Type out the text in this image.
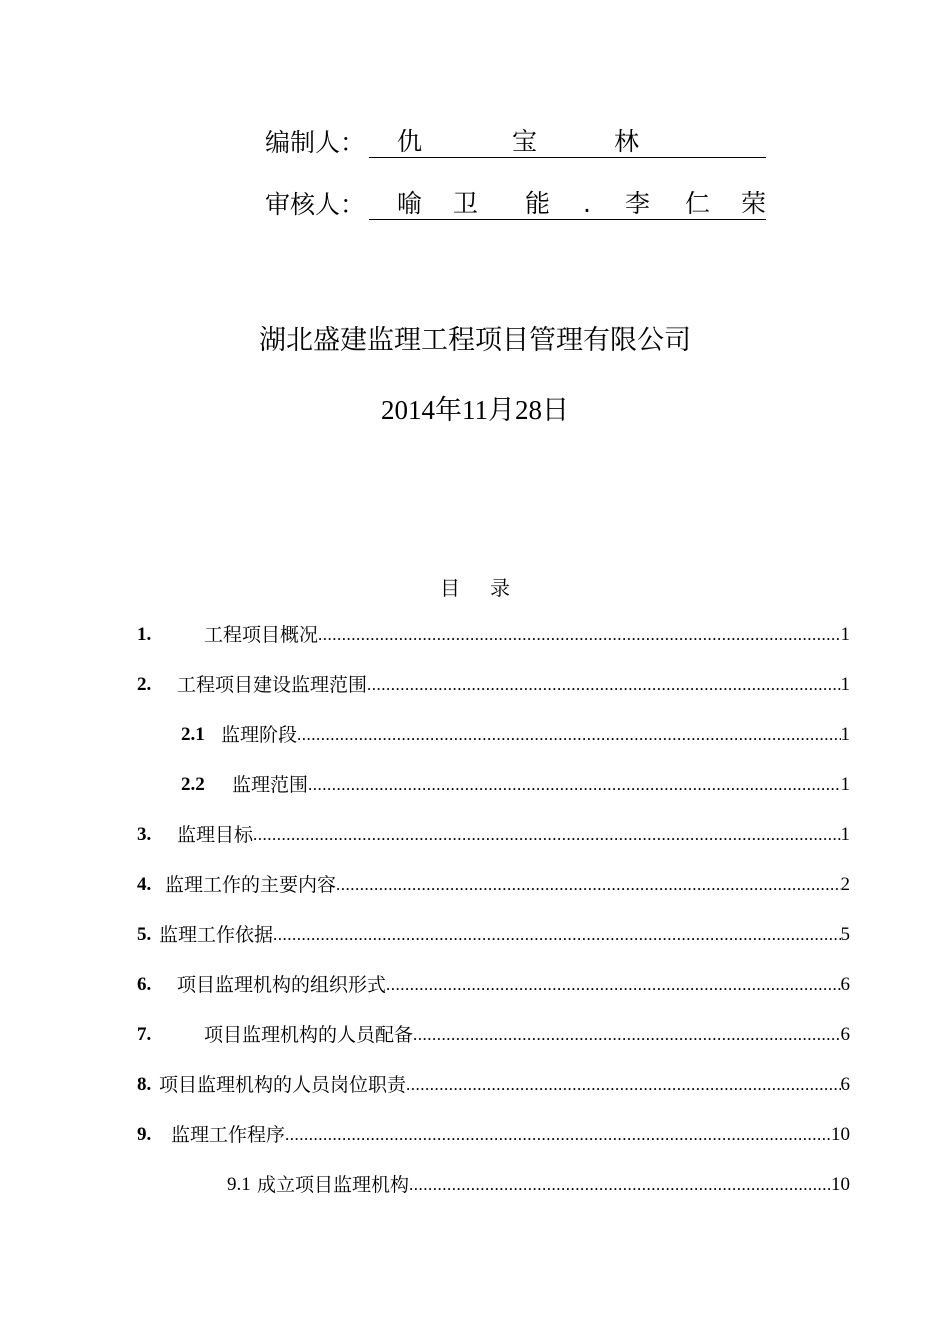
编制人： 仇	宝	林
审核人： 喻 卫 能 . 李 仁 荣
湖北盛建监理工程项目管理有限公司
2014年11月28日
目录
1.	工程项目概况 .....	1
2.	工程项目建设监理范围 .....	1
2.1 监理阶段 .....	1
2.2	监理范围 .....	1
3.	监理目标 .....	1
4. 监理工作的主要内容 .....	2
5. 监理工作依据 .....	5
6.	项目监理机构的组织形式 .....	6
7.	项目监理机构的人员配备 .....	6
8. 项目监理机构的人员岗位职责 .....	6
9.	监理工作程序 .....	10
9.1 成立项目监理机构 .....	10
